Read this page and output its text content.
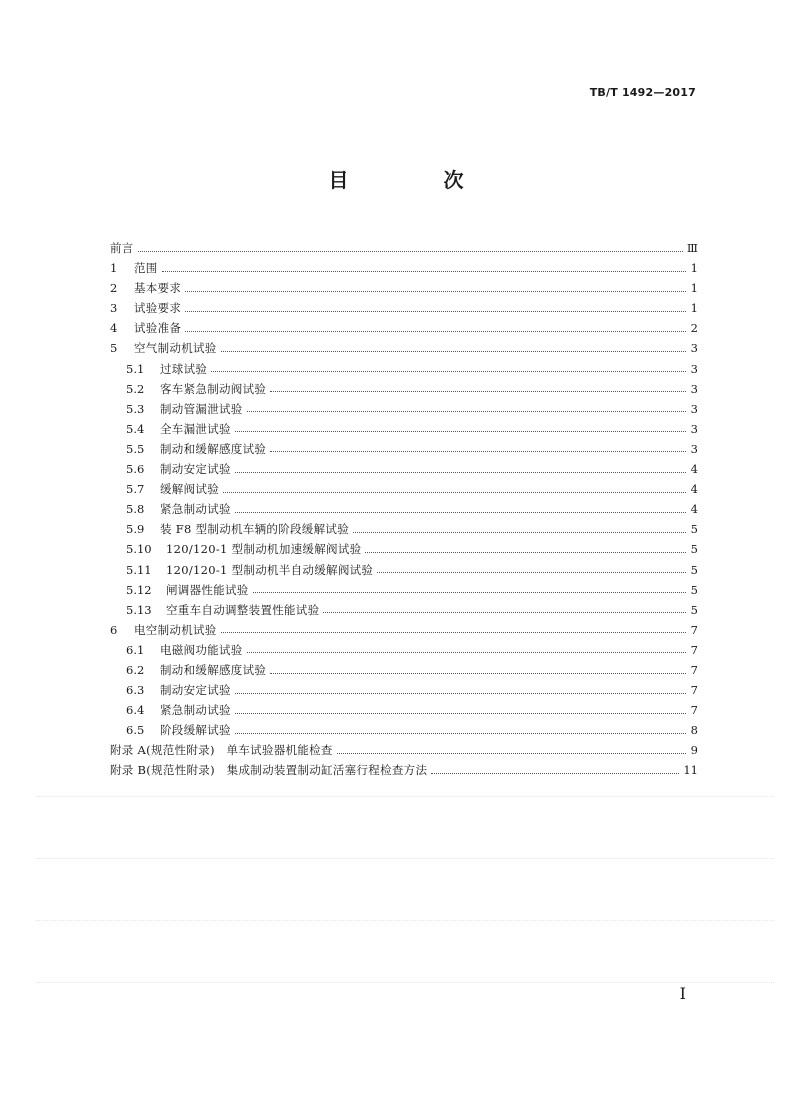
TB/T 1492—2017
目 次
前言	Ⅲ
1	范围	1
2	基本要求	1
3	试验要求	1
4	试验准备	2
5	空气制动机试验	3
5.1	过球试验	3
5.2	客车紧急制动阀试验	3
5.3	制动管漏泄试验	3
5.4	全车漏泄试验	3
5.5	制动和缓解感度试验	3
5.6	制动安定试验	4
5.7	缓解阀试验	4
5.8	紧急制动试验	4
5.9	装 F8 型制动机车辆的阶段缓解试验	5
5.10	120/120-1 型制动机加速缓解阀试验	5
5.11	120/120-1 型制动机半自动缓解阀试验	5
5.12	闸调器性能试验	5
5.13	空重车自动调整装置性能试验	5
6	电空制动机试验	7
6.1	电磁阀功能试验	7
6.2	制动和缓解感度试验	7
6.3	制动安定试验	7
6.4	紧急制动试验	7
6.5	阶段缓解试验	8
附录 A(规范性附录)　单车试验器机能检查	9
附录 B(规范性附录)　集成制动装置制动缸活塞行程检查方法	11
I
